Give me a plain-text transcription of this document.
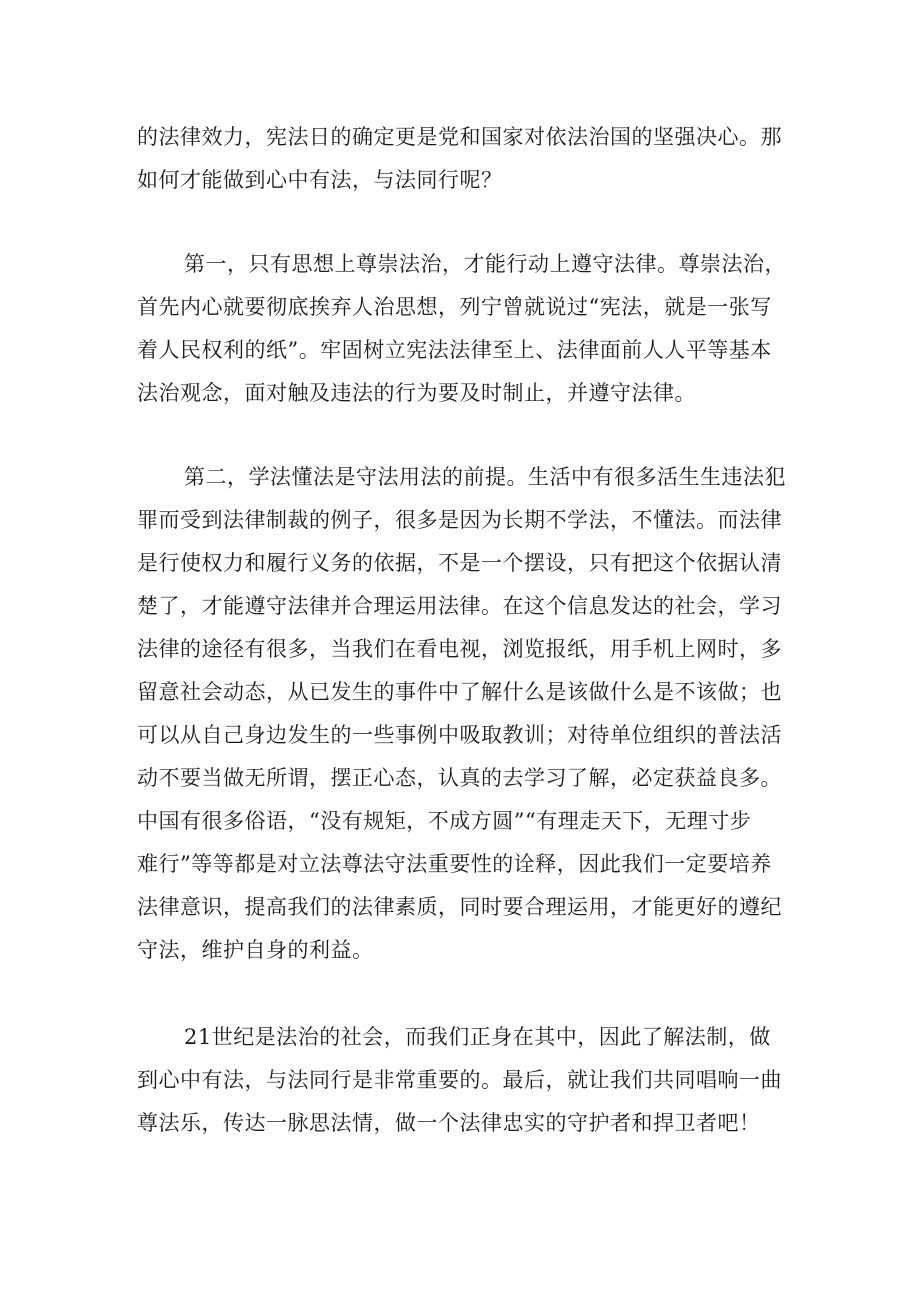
的法律效力，宪法日的确定更是党和国家对依法治国的坚强决心。那
如何才能做到心中有法，与法同行呢？
第一，只有思想上尊崇法治，才能行动上遵守法律。尊崇法治，
首先内心就要彻底挨弃人治思想，列宁曾就说过“宪法，就是一张写
着人民权利的纸”。牢固树立宪法法律至上、法律面前人人平等基本
法治观念，面对触及违法的行为要及时制止，并遵守法律。
第二，学法懂法是守法用法的前提。生活中有很多活生生违法犯
罪而受到法律制裁的例子，很多是因为长期不学法，不懂法。而法律
是行使权力和履行义务的依据，不是一个摆设，只有把这个依据认清
楚了，才能遵守法律并合理运用法律。在这个信息发达的社会，学习
法律的途径有很多，当我们在看电视，浏览报纸，用手机上网时，多
留意社会动态，从已发生的事件中了解什么是该做什么是不该做；也
可以从自己身边发生的一些事例中吸取教训；对待单位组织的普法活
动不要当做无所谓，摆正心态，认真的去学习了解，必定获益良多。
中国有很多俗语，“没有规矩，不成方圆”“有理走天下，无理寸步
难行”等等都是对立法尊法守法重要性的诠释，因此我们一定要培养
法律意识，提高我们的法律素质，同时要合理运用，才能更好的遵纪
守法，维护自身的利益。
21世纪是法治的社会，而我们正身在其中，因此了解法制，做
到心中有法，与法同行是非常重要的。最后，就让我们共同唱响一曲
尊法乐，传达一脉思法情，做一个法律忠实的守护者和捍卫者吧！
